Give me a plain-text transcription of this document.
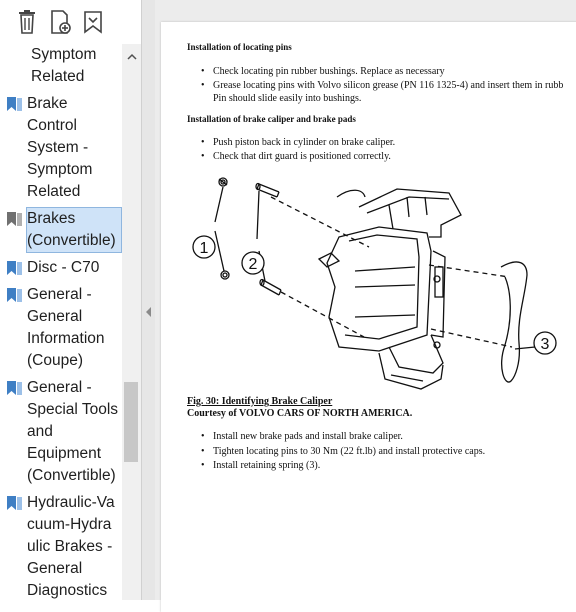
Symptom
Related
Brake
Control
System -
Symptom
Related
Brakes
(Convertible)
Disc - C70
General -
General
Information
(Coupe)
General -
Special Tools
and
Equipment
(Convertible)
Hydraulic-Va
cuum-Hydra
ulic Brakes -
General
Diagnostics
Installation of locating pins
• Check locating pin rubber bushings. Replace as necessary
• Grease locating pins with Volvo silicon grease (PN 116 1325-4) and insert them in rubb
Pin should slide easily into bushings.
Installation of brake caliper and brake pads
• Push piston back in cylinder on brake caliper.
• Check that dirt guard is positioned correctly.
1
2
3
Fig. 30: Identifying Brake Caliper
Courtesy of VOLVO CARS OF NORTH AMERICA.
• Install new brake pads and install brake caliper.
• Tighten locating pins to 30 Nm (22 ft.lb) and install protective caps.
• Install retaining spring (3).
